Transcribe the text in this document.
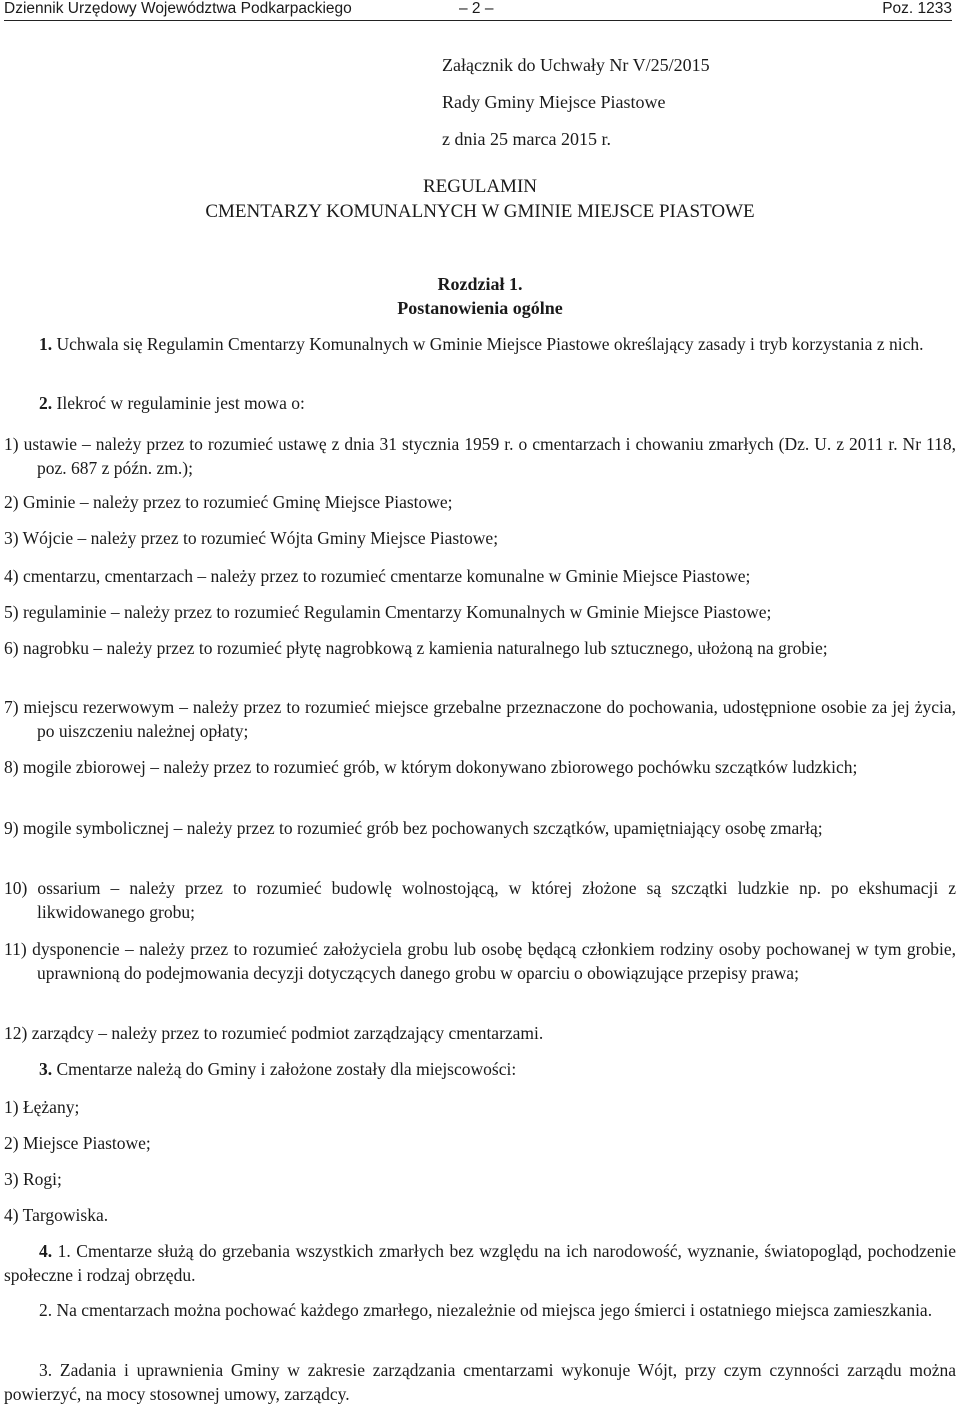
Dziennik Urzędowy Województwa Podkarpackiego	– 2 –	Poz. 1233
Załącznik do Uchwały Nr V/25/2015
Rady Gminy Miejsce Piastowe
z dnia 25 marca 2015 r.
REGULAMIN
CMENTARZY KOMUNALNYCH W GMINIE MIEJSCE PIASTOWE
Rozdział 1.
Postanowienia ogólne
1. Uchwala się Regulamin Cmentarzy Komunalnych w Gminie Miejsce Piastowe określający zasady i tryb korzystania z nich.
2. Ilekroć w regulaminie jest mowa o:
1) ustawie – należy przez to rozumieć ustawę z dnia 31 stycznia 1959 r. o cmentarzach i chowaniu zmarłych (Dz. U. z 2011 r. Nr 118, poz. 687 z późn. zm.);
2) Gminie – należy przez to rozumieć Gminę Miejsce Piastowe;
3) Wójcie – należy przez to rozumieć Wójta Gminy Miejsce Piastowe;
4) cmentarzu, cmentarzach – należy przez to rozumieć cmentarze komunalne w Gminie Miejsce Piastowe;
5) regulaminie – należy przez to rozumieć Regulamin Cmentarzy Komunalnych w Gminie Miejsce Piastowe;
6) nagrobku – należy przez to rozumieć płytę nagrobkową z kamienia naturalnego lub sztucznego, ułożoną na grobie;
7) miejscu rezerwowym – należy przez to rozumieć miejsce grzebalne przeznaczone do pochowania, udostępnione osobie za jej życia, po uiszczeniu należnej opłaty;
8) mogile zbiorowej – należy przez to rozumieć grób, w którym dokonywano zbiorowego pochówku szczątków ludzkich;
9) mogile symbolicznej – należy przez to rozumieć grób bez pochowanych szczątków, upamiętniający osobę zmarłą;
10) ossarium – należy przez to rozumieć budowlę wolnostojącą, w której złożone są szczątki ludzkie np. po ekshumacji z likwidowanego grobu;
11) dysponencie – należy przez to rozumieć założyciela grobu lub osobę będącą członkiem rodziny osoby pochowanej w tym grobie, uprawnioną do podejmowania decyzji dotyczących danego grobu w oparciu o obowiązujące przepisy prawa;
12) zarządcy – należy przez to rozumieć podmiot zarządzający cmentarzami.
3. Cmentarze należą do Gminy i założone zostały dla miejscowości:
1) Łężany;
2) Miejsce Piastowe;
3) Rogi;
4) Targowiska.
4. 1. Cmentarze służą do grzebania wszystkich zmarłych bez względu na ich narodowość, wyznanie, światopogląd, pochodzenie społeczne i rodzaj obrzędu.
2. Na cmentarzach można pochować każdego zmarłego, niezależnie od miejsca jego śmierci i ostatniego miejsca zamieszkania.
3. Zadania i uprawnienia Gminy w zakresie zarządzania cmentarzami wykonuje Wójt, przy czym czynności zarządu można powierzyć, na mocy stosownej umowy, zarządcy.
